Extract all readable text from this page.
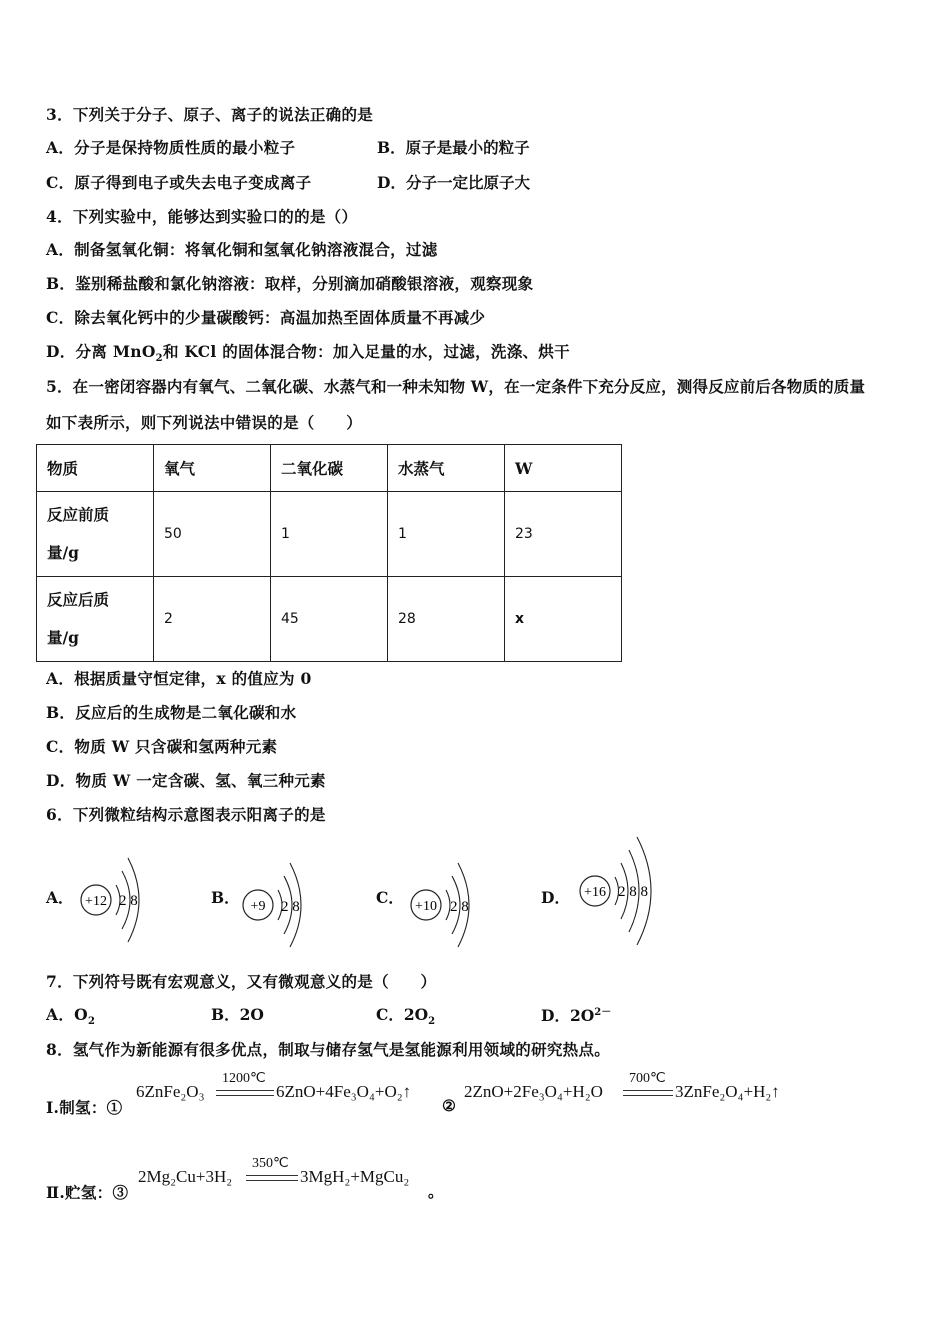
3．下列关于分子、原子、离子的说法正确的是
A．分子是保持物质性质的最小粒子	B．原子是最小的粒子
C．原子得到电子或失去电子变成离子	D．分子一定比原子大
4．下列实验中，能够达到实验口的的是（）
A．制备氢氧化铜：将氧化铜和氢氧化钠溶液混合，过滤
B．鉴别稀盐酸和氯化钠溶液：取样，分别滴加硝酸银溶液，观察现象
C．除去氧化钙中的少量碳酸钙：高温加热至固体质量不再减少
D．分离 MnO$_2$和 KCl 的固体混合物：加入足量的水，过滤，洗涤、烘干
5．在一密闭容器内有氧气、二氧化碳、水蒸气和一种未知物 W，在一定条件下充分反应，测得反应前后各物质的质量
如下表所示，则下列说法中错误的是（　　）
物质	氧气	二氧化碳	水蒸气	W
反应前质
量/g	50	1	1	23
反应后质
量/g	2	45	28	x
A．根据质量守恒定律，x 的值应为 0
B．反应后的生成物是二氧化碳和水
C．物质 W 只含碳和氢两种元素
D．物质 W 一定含碳、氢、氧三种元素
6．下列微粒结构示意图表示阳离子的是
A． +12 2 8	B． +9 2 8	C． +10 2 8	D． +16 2 8 8
7．下列符号既有宏观意义，又有微观意义的是（　　）
A．$O_2$	B．2O	C．$2O_2$	D．$2O^{2-}$
8．氢气作为新能源有很多优点，制取与储存氢气是氢能源利用领域的研究热点。
Ⅰ.制氢：①
6ZnFe₂O₃
1200℃
6ZnO+4Fe₃O₄+O₂↑
②
2ZnO+2Fe₃O₄+H₂O
700℃
3ZnFe₂O₄+H₂↑
Ⅱ.贮氢：③
2Mg₂Cu+3H₂
350℃
3MgH₂+MgCu₂
。
